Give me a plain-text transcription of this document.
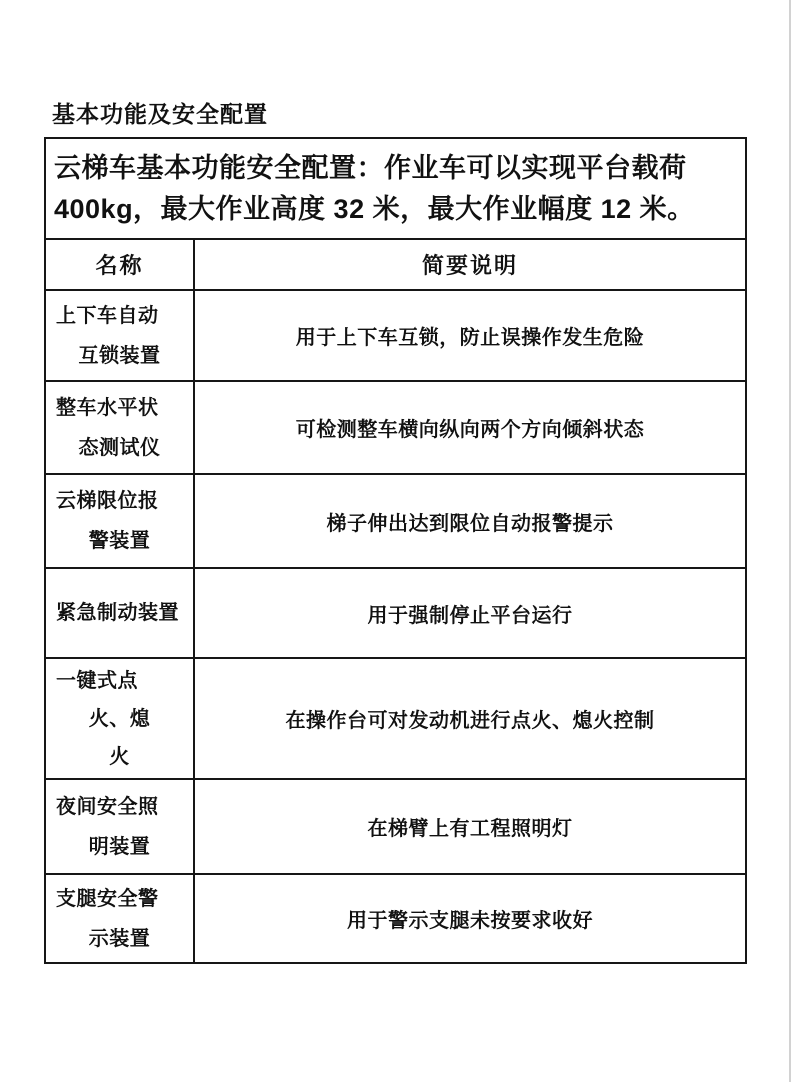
基本功能及安全配置
云梯车基本功能安全配置：作业车可以实现平台载荷
400kg，最大作业高度 32 米，最大作业幅度 12 米。	

名称	简要说明

上下车自动
互锁装置	用于上下车互锁，防止误操作发生危险

整车水平状
态测试仪	可检测整车横向纵向两个方向倾斜状态

云梯限位报
警装置	梯子伸出达到限位自动报警提示

紧急制动装置	用于强制停止平台运行

一键式点
火、熄
火	在操作台可对发动机进行点火、熄火控制

夜间安全照
明装置	在梯臂上有工程照明灯

支腿安全警
示装置	用于警示支腿未按要求收好
